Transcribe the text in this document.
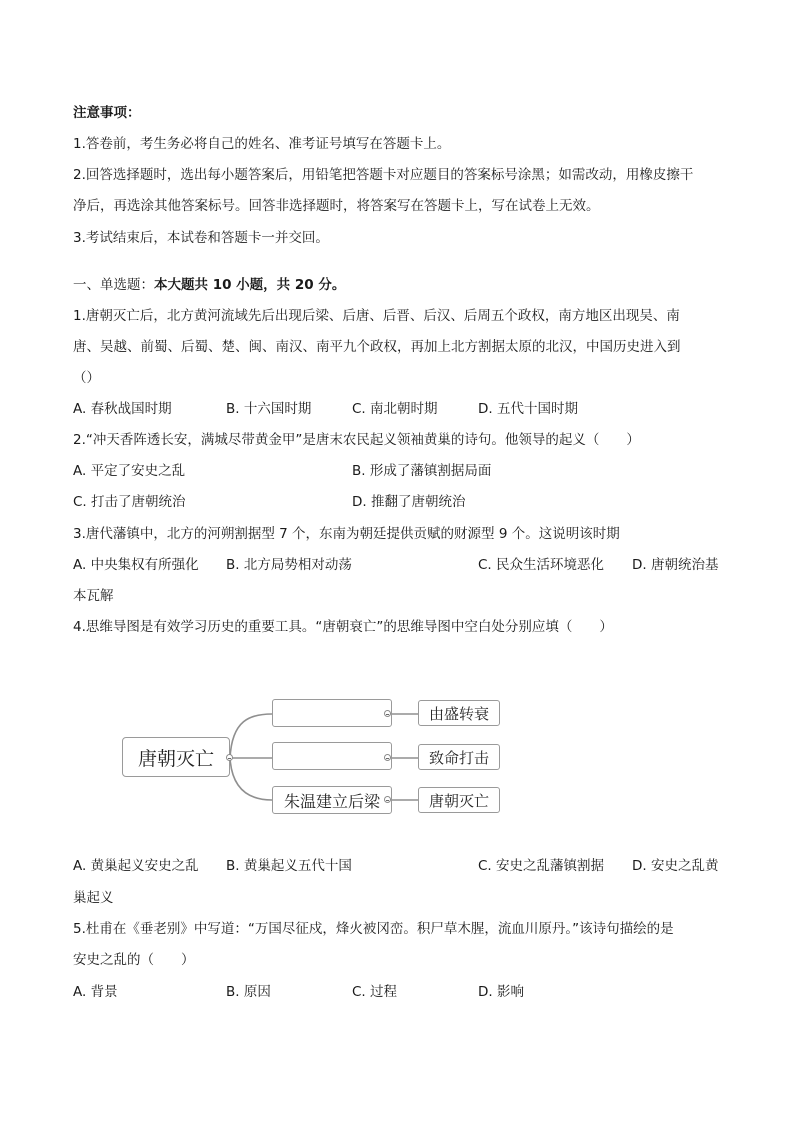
注意事项：
1.答卷前，考生务必将自己的姓名、准考证号填写在答题卡上。
2.回答选择题时，选出每小题答案后，用铅笔把答题卡对应题目的答案标号涂黑；如需改动，用橡皮擦干
净后，再选涂其他答案标号。回答非选择题时，将答案写在答题卡上，写在试卷上无效。
3.考试结束后，本试卷和答题卡一并交回。
一、单选题：本大题共 10 小题，共 20 分。
1.唐朝灭亡后，北方黄河流域先后出现后梁、后唐、后晋、后汉、后周五个政权，南方地区出现吴、南
唐、吴越、前蜀、后蜀、楚、闽、南汉、南平九个政权，再加上北方割据太原的北汉，中国历史进入到
（）
A. 春秋战国时期	B. 十六国时期	C. 南北朝时期	D. 五代十国时期
2.“冲天香阵透长安，满城尽带黄金甲”是唐末农民起义领袖黄巢的诗句。他领导的起义（　　）
A. 平定了安史之乱	B. 形成了藩镇割据局面
C. 打击了唐朝统治	D. 推翻了唐朝统治
3.唐代藩镇中，北方的河朔割据型 7 个，东南为朝廷提供贡赋的财源型 9 个。这说明该时期
A. 中央集权有所强化 B. 北方局势相对动荡	C. 民众生活环境恶化 D. 唐朝统治基
本瓦解
4.思维导图是有效学习历史的重要工具。“唐朝衰亡”的思维导图中空白处分别应填（　　）
唐朝灭亡
朱温建立后梁
由盛转衰
致命打击
唐朝灭亡
A. 黄巢起义安史之乱 B. 黄巢起义五代十国	C. 安史之乱藩镇割据 D. 安史之乱黄
巢起义
5.杜甫在《垂老别》中写道：“万国尽征戍，烽火被冈峦。积尸草木腥，流血川原丹。”该诗句描绘的是
安史之乱的（　　）
A. 背景	B. 原因	C. 过程	D. 影响
